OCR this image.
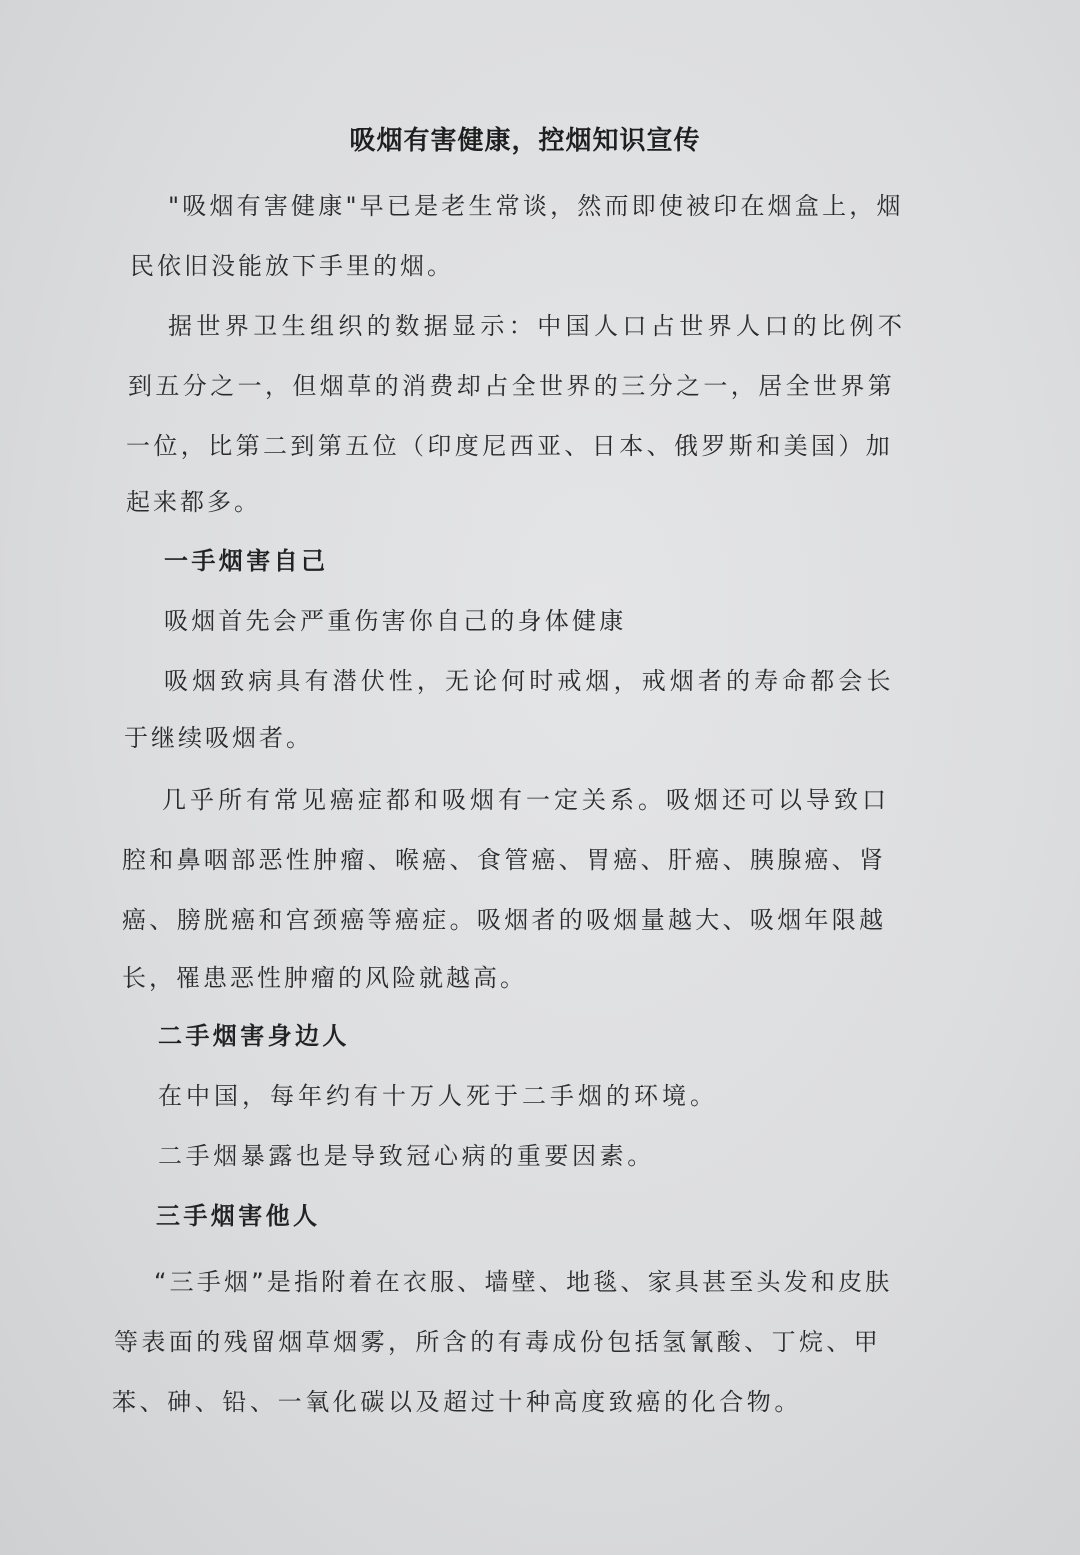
吸烟有害健康，控烟知识宣传
"吸烟有害健康"早已是老生常谈，然而即使被印在烟盒上，烟
民依旧没能放下手里的烟。
据世界卫生组织的数据显示：中国人口占世界人口的比例不
到五分之一，但烟草的消费却占全世界的三分之一，居全世界第
一位，比第二到第五位（印度尼西亚、日本、俄罗斯和美国）加
起来都多。
一手烟害自己
吸烟首先会严重伤害你自己的身体健康
吸烟致病具有潜伏性，无论何时戒烟，戒烟者的寿命都会长
于继续吸烟者。
几乎所有常见癌症都和吸烟有一定关系。吸烟还可以导致口
腔和鼻咽部恶性肿瘤、喉癌、食管癌、胃癌、肝癌、胰腺癌、肾
癌、膀胱癌和宫颈癌等癌症。吸烟者的吸烟量越大、吸烟年限越
长，罹患恶性肿瘤的风险就越高。
二手烟害身边人
在中国，每年约有十万人死于二手烟的环境。
二手烟暴露也是导致冠心病的重要因素。
三手烟害他人
“三手烟”是指附着在衣服、墙壁、地毯、家具甚至头发和皮肤
等表面的残留烟草烟雾，所含的有毒成份包括氢氰酸、丁烷、甲
苯、砷、铅、一氧化碳以及超过十种高度致癌的化合物。
